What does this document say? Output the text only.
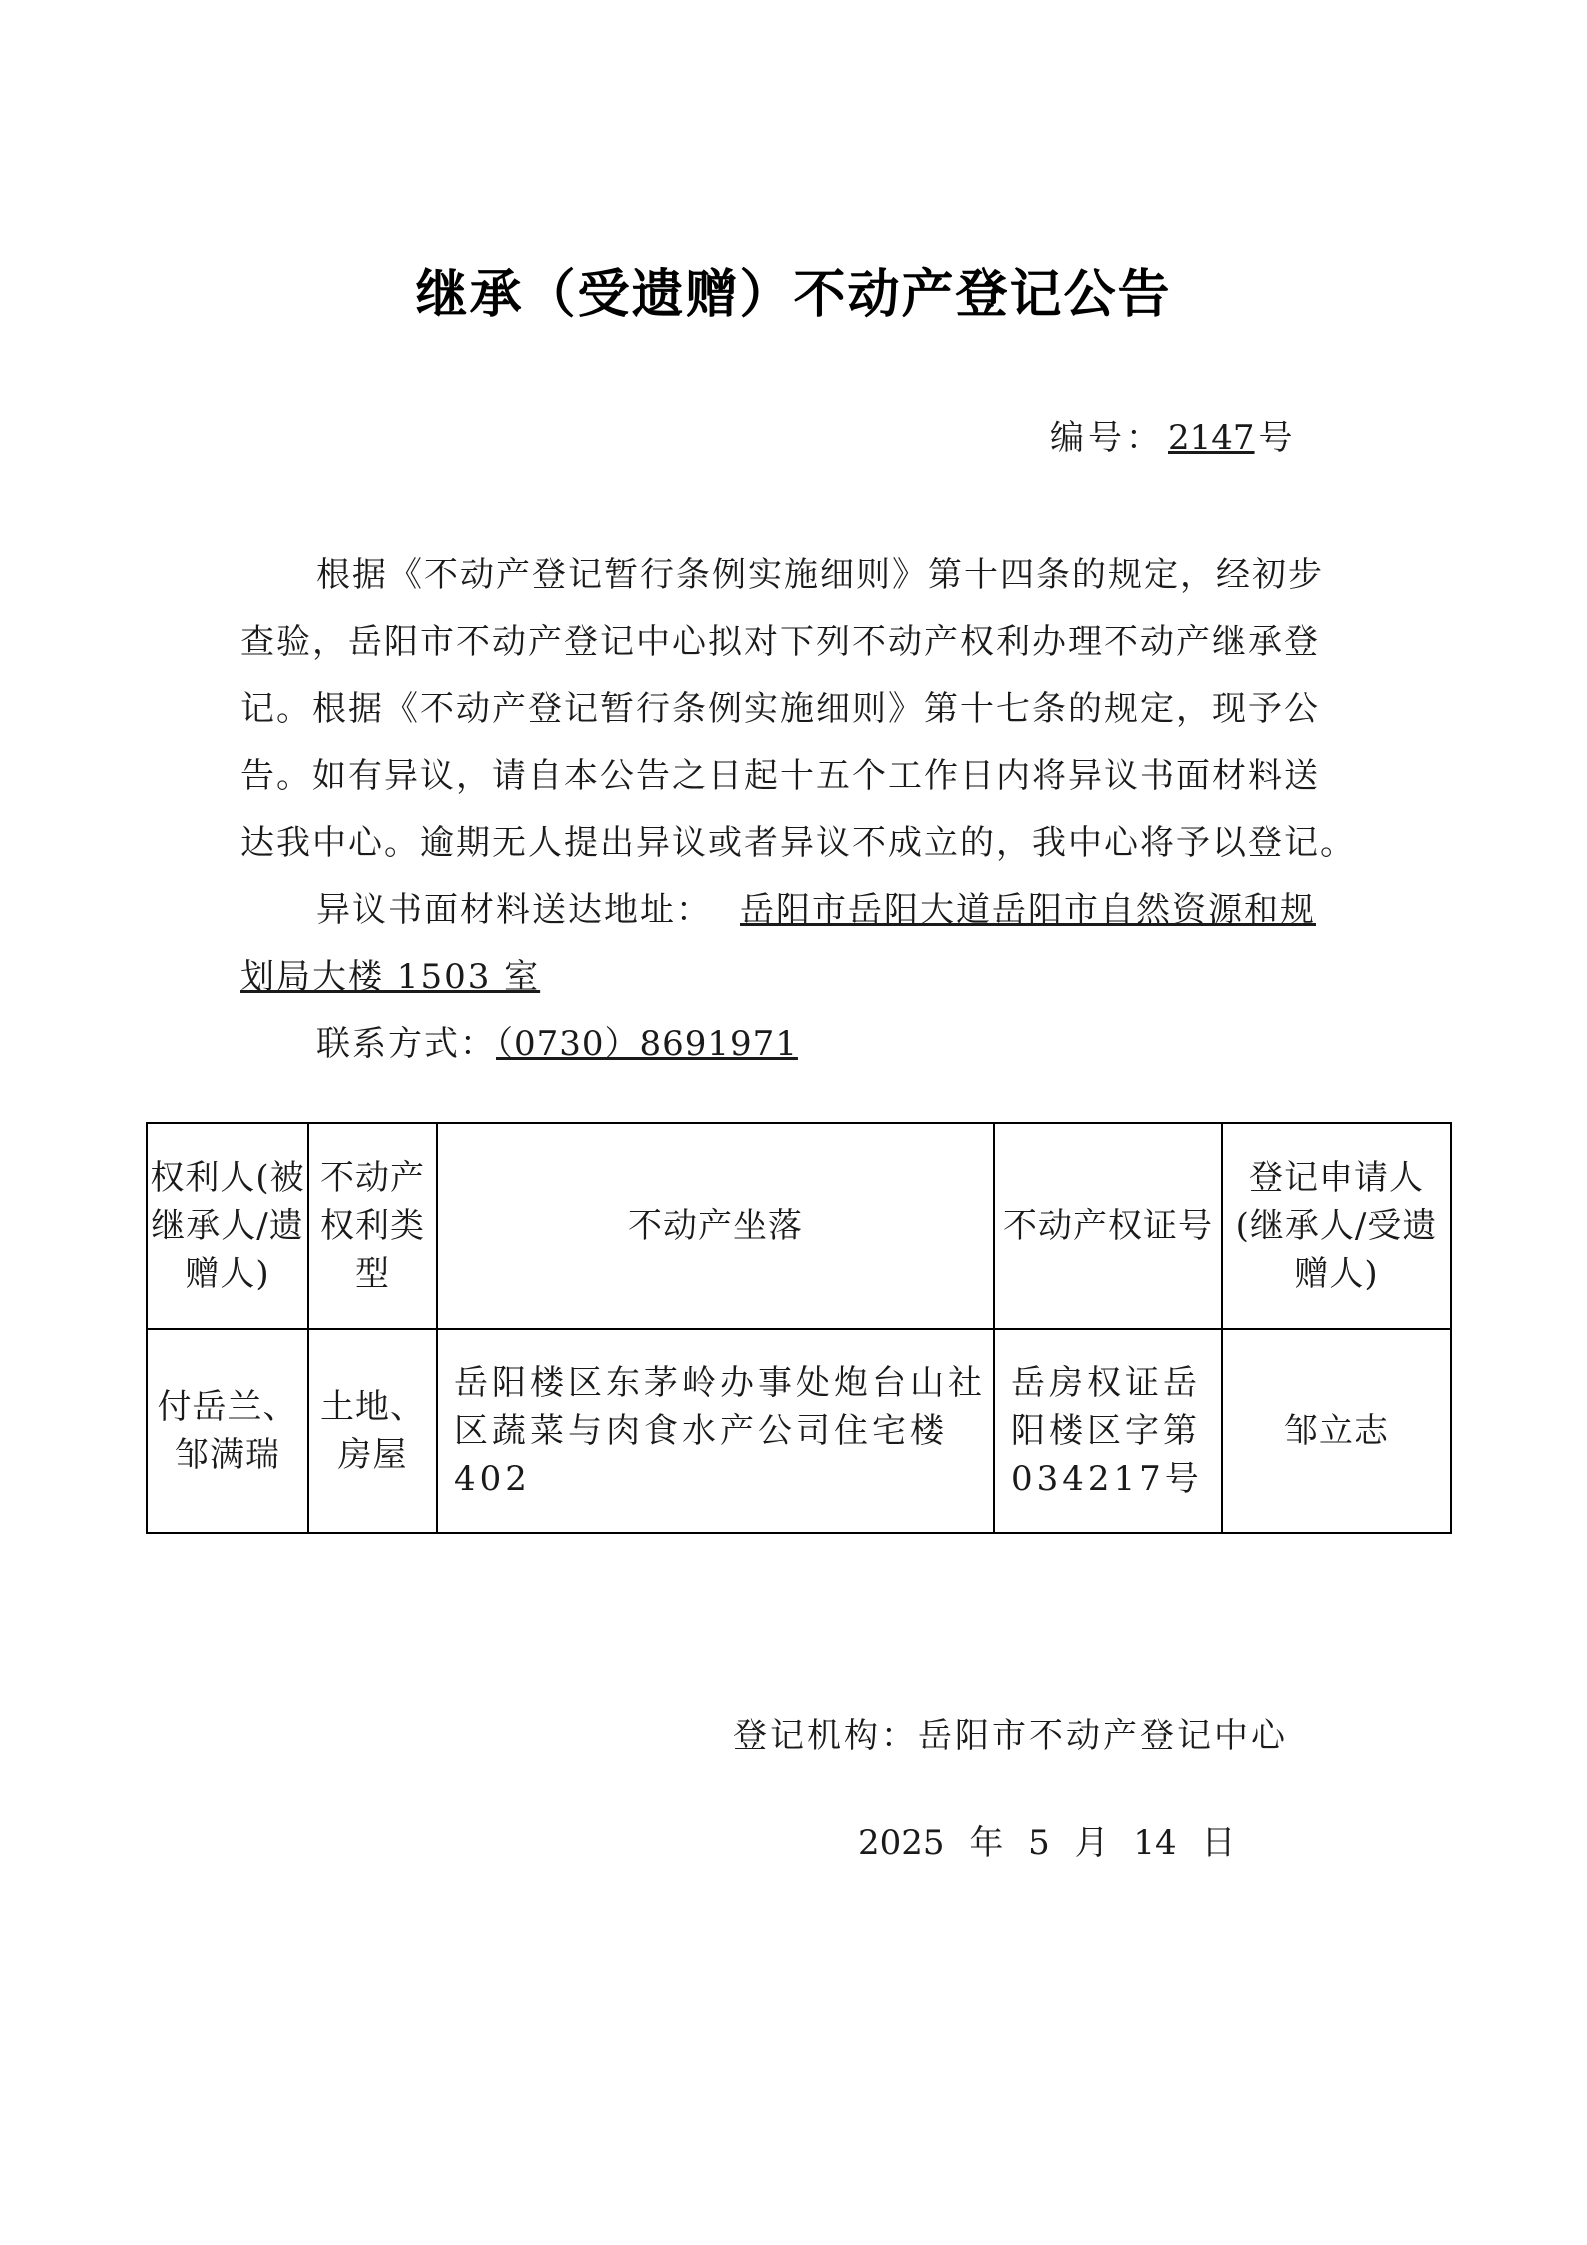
继承（受遗赠）不动产登记公告
编号： 2147 号
根据《不动产登记暂行条例实施细则》第十四条的规定，经初步
查验，岳阳市不动产登记中心拟对下列不动产权利办理不动产继承登
记。根据《不动产登记暂行条例实施细则》第十七条的规定，现予公
告。如有异议，请自本公告之日起十五个工作日内将异议书面材料送
达我中心。逾期无人提出异议或者异议不成立的，我中心将予以登记。
异议书面材料送达地址： 岳阳市岳阳大道岳阳市自然资源和规
划局大楼 1503 室
联系方式：（0730）8691971
权利人(被继承人/遗赠人)	不动产权利类型	不动产坐落	不动产权证号	登记申请人(继承人/受遗赠人)
付岳兰、邹满瑞	土地、房屋	岳阳楼区东茅岭办事处炮台山社区蔬菜与肉食水产公司住宅楼402	岳房权证岳阳楼区字第034217号	邹立志
登记机构：岳阳市不动产登记中心
2025 年 5 月 14 日
